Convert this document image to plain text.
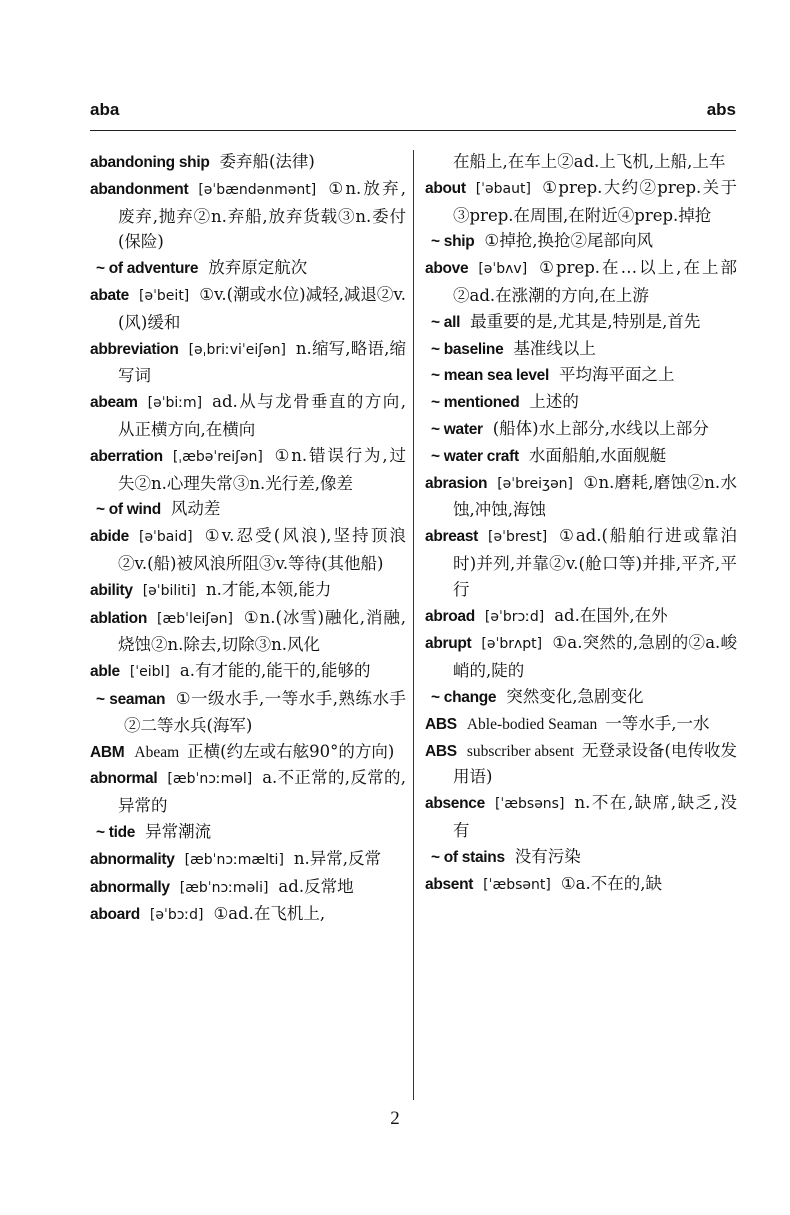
aba	abs
abandoning ship 委弃船(法律)
abandonment [əˈbændənmənt] ①n.放弃,废弃,抛弃②n.弃船,放弃货载③n.委付(保险)
~ of adventure 放弃原定航次
abate [əˈbeit] ①v.(潮或水位)减轻,减退②v.(风)缓和
abbreviation [əˌbriːviˈeiʃən] n.缩写,略语,缩写词
abeam [əˈbiːm] ad.从与龙骨垂直的方向,从正横方向,在横向
aberration [ˌæbəˈreiʃən] ①n.错误行为,过失②n.心理失常③n.光行差,像差
~ of wind 风动差
abide [əˈbaid] ①v.忍受(风浪),坚持顶浪②v.(船)被风浪所阻③v.等待(其他船)
ability [əˈbiliti] n.才能,本领,能力
ablation [æbˈleiʃən] ①n.(冰雪)融化,消融,烧蚀②n.除去,切除③n.风化
able [ˈeibl] a.有才能的,能干的,能够的
~ seaman ①一级水手,一等水手,熟练水手②二等水兵(海军)
ABM Abeam 正横(约左或右舷90°的方向)
abnormal [æbˈnɔːməl] a.不正常的,反常的,异常的
~ tide 异常潮流
abnormality [æbˈnɔːmælti] n.异常,反常
abnormally [æbˈnɔːməli] ad.反常地
aboard [əˈbɔːd] ①ad.在飞机上,
在船上,在车上②ad.上飞机,上船,上车
about [ˈəbaut] ①prep.大约②prep.关于③prep.在周围,在附近④prep.掉抢
~ ship ①掉抢,换抢②尾部向风
above [əˈbʌv] ①prep.在…以上,在上部②ad.在涨潮的方向,在上游
~ all 最重要的是,尤其是,特别是,首先
~ baseline 基准线以上
~ mean sea level 平均海平面之上
~ mentioned 上述的
~ water (船体)水上部分,水线以上部分
~ water craft 水面船舶,水面舰艇
abrasion [əˈbreiʒən] ①n.磨耗,磨蚀②n.水蚀,冲蚀,海蚀
abreast [əˈbrest] ①ad.(船舶行进或靠泊时)并列,并靠②v.(舱口等)并排,平齐,平行
abroad [əˈbrɔːd] ad.在国外,在外
abrupt [əˈbrʌpt] ①a.突然的,急剧的②a.峻峭的,陡的
~ change 突然变化,急剧变化
ABS Able-bodied Seaman 一等水手,一水
ABS subscriber absent 无登录设备(电传收发用语)
absence [ˈæbsəns] n.不在,缺席,缺乏,没有
~ of stains 没有污染
absent [ˈæbsənt] ①a.不在的,缺
2
